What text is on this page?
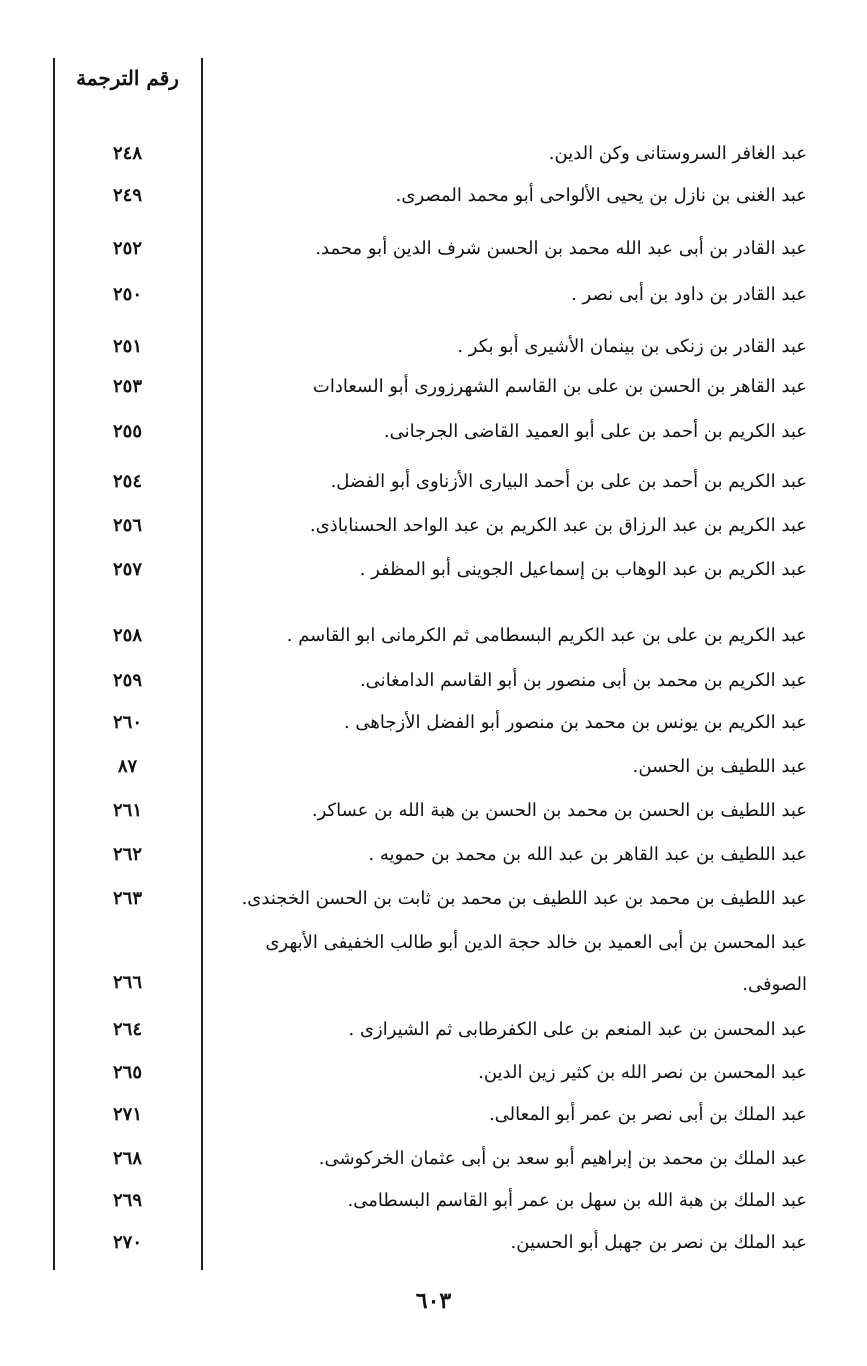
رقم الترجمة
عبد الغافر السروستانى وكن الدين.
٢٤٨
عبد الغنى بن نازل بن يحيى الألواحى أبو محمد المصرى.
٢٤٩
عبد القادر بن أبى عبد الله محمد بن الحسن شرف الدين أبو محمد.
٢٥٢
عبد القادر بن داود بن أبى نصر .
٢٥٠
عبد القادر بن زنكى بن بينمان الأشيرى أبو بكر .
٢٥١
عبد القاهر بن الحسن بن على بن القاسم الشهرزورى أبو السعادات
٢٥٣
عبد الكريم بن أحمد بن على أبو العميد القاضى الجرجانى.
٢٥٥
عبد الكريم بن أحمد بن على بن أحمد البيارى الأزناوى أبو الفضل.
٢٥٤
عبد الكريم بن عبد الرزاق بن عبد الكريم بن عبد الواحد الحسناباذى.
٢٥٦
عبد الكريم بن عبد الوهاب بن إسماعيل الجوينى أبو المظفر .
٢٥٧
عبد الكريم بن على بن عبد الكريم البسطامى ثم الكرمانى ابو القاسم .
٢٥٨
عبد الكريم بن محمد بن أبى منصور بن أبو القاسم الدامغانى.
٢٥٩
عبد الكريم بن يونس بن محمد بن منصور أبو الفضل الأزجاهى .
٢٦٠
عبد اللطيف بن الحسن.
٨٧
عبد اللطيف بن الحسن بن محمد بن الحسن بن هبة الله بن عساكر.
٢٦١
عبد اللطيف بن عبد القاهر بن عبد الله بن محمد بن حمويه .
٢٦٢
عبد اللطيف بن محمد بن عبد اللطيف بن محمد بن ثابت بن الحسن الخجندى.
٢٦٣
عبد المحسن بن أبى العميد بن خالد حجة الدين أبو طالب الخفيفى الأبهرى
٢٦٦	الصوفى.
عبد المحسن بن عبد المنعم بن على الكفرطابى ثم الشيرازى .
٢٦٤
عبد المحسن بن نصر الله بن كثير زين الدين.
٢٦٥
عبد الملك بن أبى نصر بن عمر أبو المعالى.
٢٧١
عبد الملك بن محمد بن إبراهيم أبو سعد بن أبى عثمان الخركوشى.
٢٦٨
عبد الملك بن هبة الله بن سهل بن عمر أبو القاسم البسطامى.
٢٦٩
عبد الملك بن نصر بن جهبل أبو الحسين.
٢٧٠
٦٠٣
